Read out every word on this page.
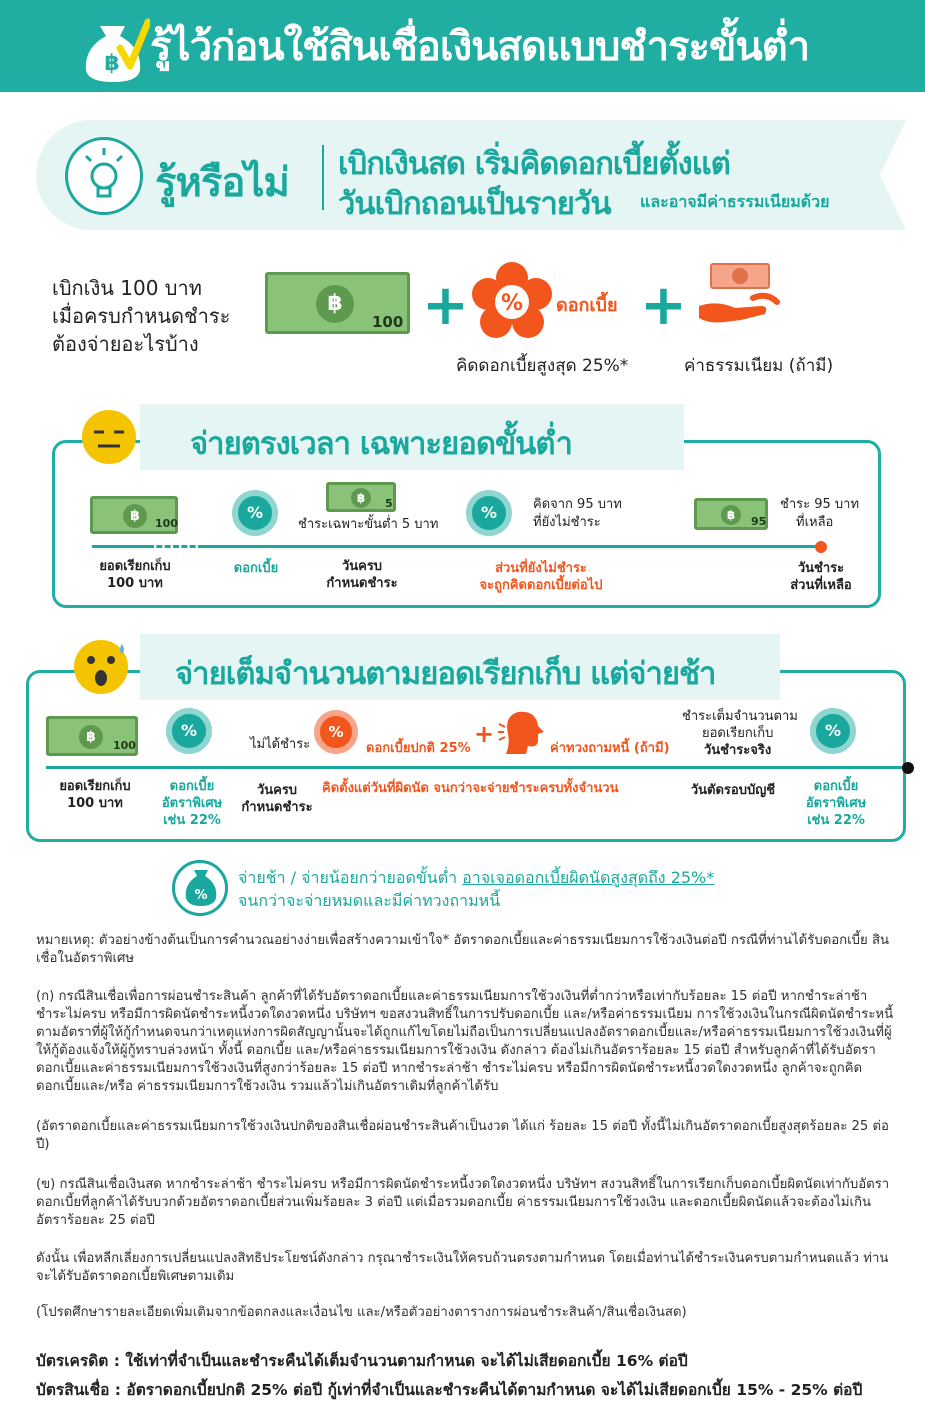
฿ รู้ไว้ก่อนใช้สินเชื่อเงินสดแบบชำระขั้นต่ำ
รู้หรือไม่ เบิกเงินสด เริ่มคิดดอกเบี้ยตั้งแต่
วันเบิกถอนเป็นรายวัน และอาจมีค่าธรรมเนียมด้วย
เบิกเงิน 100 บาท
เมื่อครบกำหนดชำระ
ต้องจ่ายอะไรบ้าง
฿
100 + % ดอกเบี้ย +
คิดดอกเบี้ยสูงสุด 25%*	ค่าธรรมเนียม (ถ้ามี)
จ่ายตรงเวลา เฉพาะยอดขั้นต่ำ
฿	100
%
฿	5
ชำระเฉพาะขั้นต่ำ 5 บาท
%	คิดจาก 95 บาท
ที่ยังไม่ชำระ	฿	95
ชำระ 95 บาท
ที่เหลือ
ยอดเรียกเก็บ
100 บาท
ดอกเบี้ย	วันครบ
กำหนดชำระ
ส่วนที่ยังไม่ชำระ
จะถูกคิดดอกเบี้ยต่อไป
วันชำระ
ส่วนที่เหลือ
จ่ายเต็มจำนวนตามยอดเรียกเก็บ แต่จ่ายช้า
฿
100
%
ไม่ได้ชำระ
%
ดอกเบี้ยปกติ 25%
+
ค่าทวงถามหนี้ (ถ้ามี)
ชำระเต็มจำนวนตาม
ยอดเรียกเก็บ
วันชำระจริง
%
ยอดเรียกเก็บ
100 บาท
ดอกเบี้ย
อัตราพิเศษ
เช่น 22%
วันครบ
กำหนดชำระ
คิดตั้งแต่วันที่ผิดนัด จนกว่าจะจ่ายชำระครบทั้งจำนวน	วันตัดรอบบัญชี	ดอกเบี้ย
อัตราพิเศษ
เช่น 22%
%
จ่ายช้า / จ่ายน้อยกว่ายอดขั้นต่ำ อาจเจอดอกเบี้ยผิดนัดสูงสุดถึง 25%*
จนกว่าจะจ่ายหมดและมีค่าทวงถามหนี้
หมายเหตุ: ตัวอย่างข้างต้นเป็นการคำนวณอย่างง่ายเพื่อสร้างความเข้าใจ* อัตราดอกเบี้ยและค่าธรรมเนียมการใช้วงเงินต่อปี กรณีที่ท่านได้รับดอกเบี้ย สินเชื่อในอัตราพิเศษ
(ก) กรณีสินเชื่อเพื่อการผ่อนชำระสินค้า ลูกค้าที่ได้รับอัตราดอกเบี้ยและค่าธรรมเนียมการใช้วงเงินที่ต่ำกว่าหรือเท่ากับร้อยละ 15 ต่อปี หากชำระล่าช้า ชำระไม่ครบ หรือมีการผิดนัดชำระหนี้งวดใดงวดหนึ่ง บริษัทฯ ขอสงวนสิทธิ์ในการปรับดอกเบี้ย และ/หรือค่าธรรมเนียม การใช้วงเงินในกรณีผิดนัดชำระหนี้ตามอัตราที่ผู้ให้กู้กำหนดจนกว่าเหตุแห่งการผิดสัญญานั้นจะได้ถูกแก้ไขโดยไม่ถือเป็นการเปลี่ยนแปลงอัตราดอกเบี้ยและ/หรือค่าธรรมเนียมการใช้วงเงินที่ผู้ให้กู้ต้องแจ้งให้ผู้กู้ทราบล่วงหน้า ทั้งนี้ ดอกเบี้ย และ/หรือค่าธรรมเนียมการใช้วงเงิน ดังกล่าว ต้องไม่เกินอัตราร้อยละ 15 ต่อปี สำหรับลูกค้าที่ได้รับอัตราดอกเบี้ยและค่าธรรมเนียมการใช้วงเงินที่สูงกว่าร้อยละ 15 ต่อปี หากชำระล่าช้า ชำระไม่ครบ หรือมีการผิดนัดชำระหนี้งวดใดงวดหนึ่ง ลูกค้าจะถูกคิดดอกเบี้ยและ/หรือ ค่าธรรมเนียมการใช้วงเงิน รวมแล้วไม่เกินอัตราเดิมที่ลูกค้าได้รับ
(อัตราดอกเบี้ยและค่าธรรมเนียมการใช้วงเงินปกติของสินเชื่อผ่อนชำระสินค้าเป็นงวด ได้แก่ ร้อยละ 15 ต่อปี ทั้งนี้ไม่เกินอัตราดอกเบี้ยสูงสุดร้อยละ 25 ต่อปี)
(ข) กรณีสินเชื่อเงินสด หากชำระล่าช้า ชำระไม่ครบ หรือมีการผิดนัดชำระหนี้งวดใดงวดหนึ่ง บริษัทฯ สงวนสิทธิ์ในการเรียกเก็บดอกเบี้ยผิดนัดเท่ากับอัตราดอกเบี้ยที่ลูกค้าได้รับบวกด้วยอัตราดอกเบี้ยส่วนเพิ่มร้อยละ 3 ต่อปี แต่เมื่อรวมดอกเบี้ย ค่าธรรมเนียมการใช้วงเงิน และดอกเบี้ยผิดนัดแล้วจะต้องไม่เกินอัตราร้อยละ 25 ต่อปี
ดังนั้น เพื่อหลีกเลี่ยงการเปลี่ยนแปลงสิทธิประโยชน์ดังกล่าว กรุณาชำระเงินให้ครบถ้วนตรงตามกำหนด โดยเมื่อท่านได้ชำระเงินครบตามกำหนดแล้ว ท่านจะได้รับอัตราดอกเบี้ยพิเศษตามเดิม
(โปรดศึกษารายละเอียดเพิ่มเติมจากข้อตกลงและเงื่อนไข และ/หรือตัวอย่างตารางการผ่อนชำระสินค้า/สินเชื่อเงินสด)
บัตรเครดิต : ใช้เท่าที่จำเป็นและชำระคืนได้เต็มจำนวนตามกำหนด จะได้ไม่เสียดอกเบี้ย 16% ต่อปี
บัตรสินเชื่อ : อัตราดอกเบี้ยปกติ 25% ต่อปี กู้เท่าที่จำเป็นและชำระคืนได้ตามกำหนด จะได้ไม่เสียดอกเบี้ย 15% - 25% ต่อปี
